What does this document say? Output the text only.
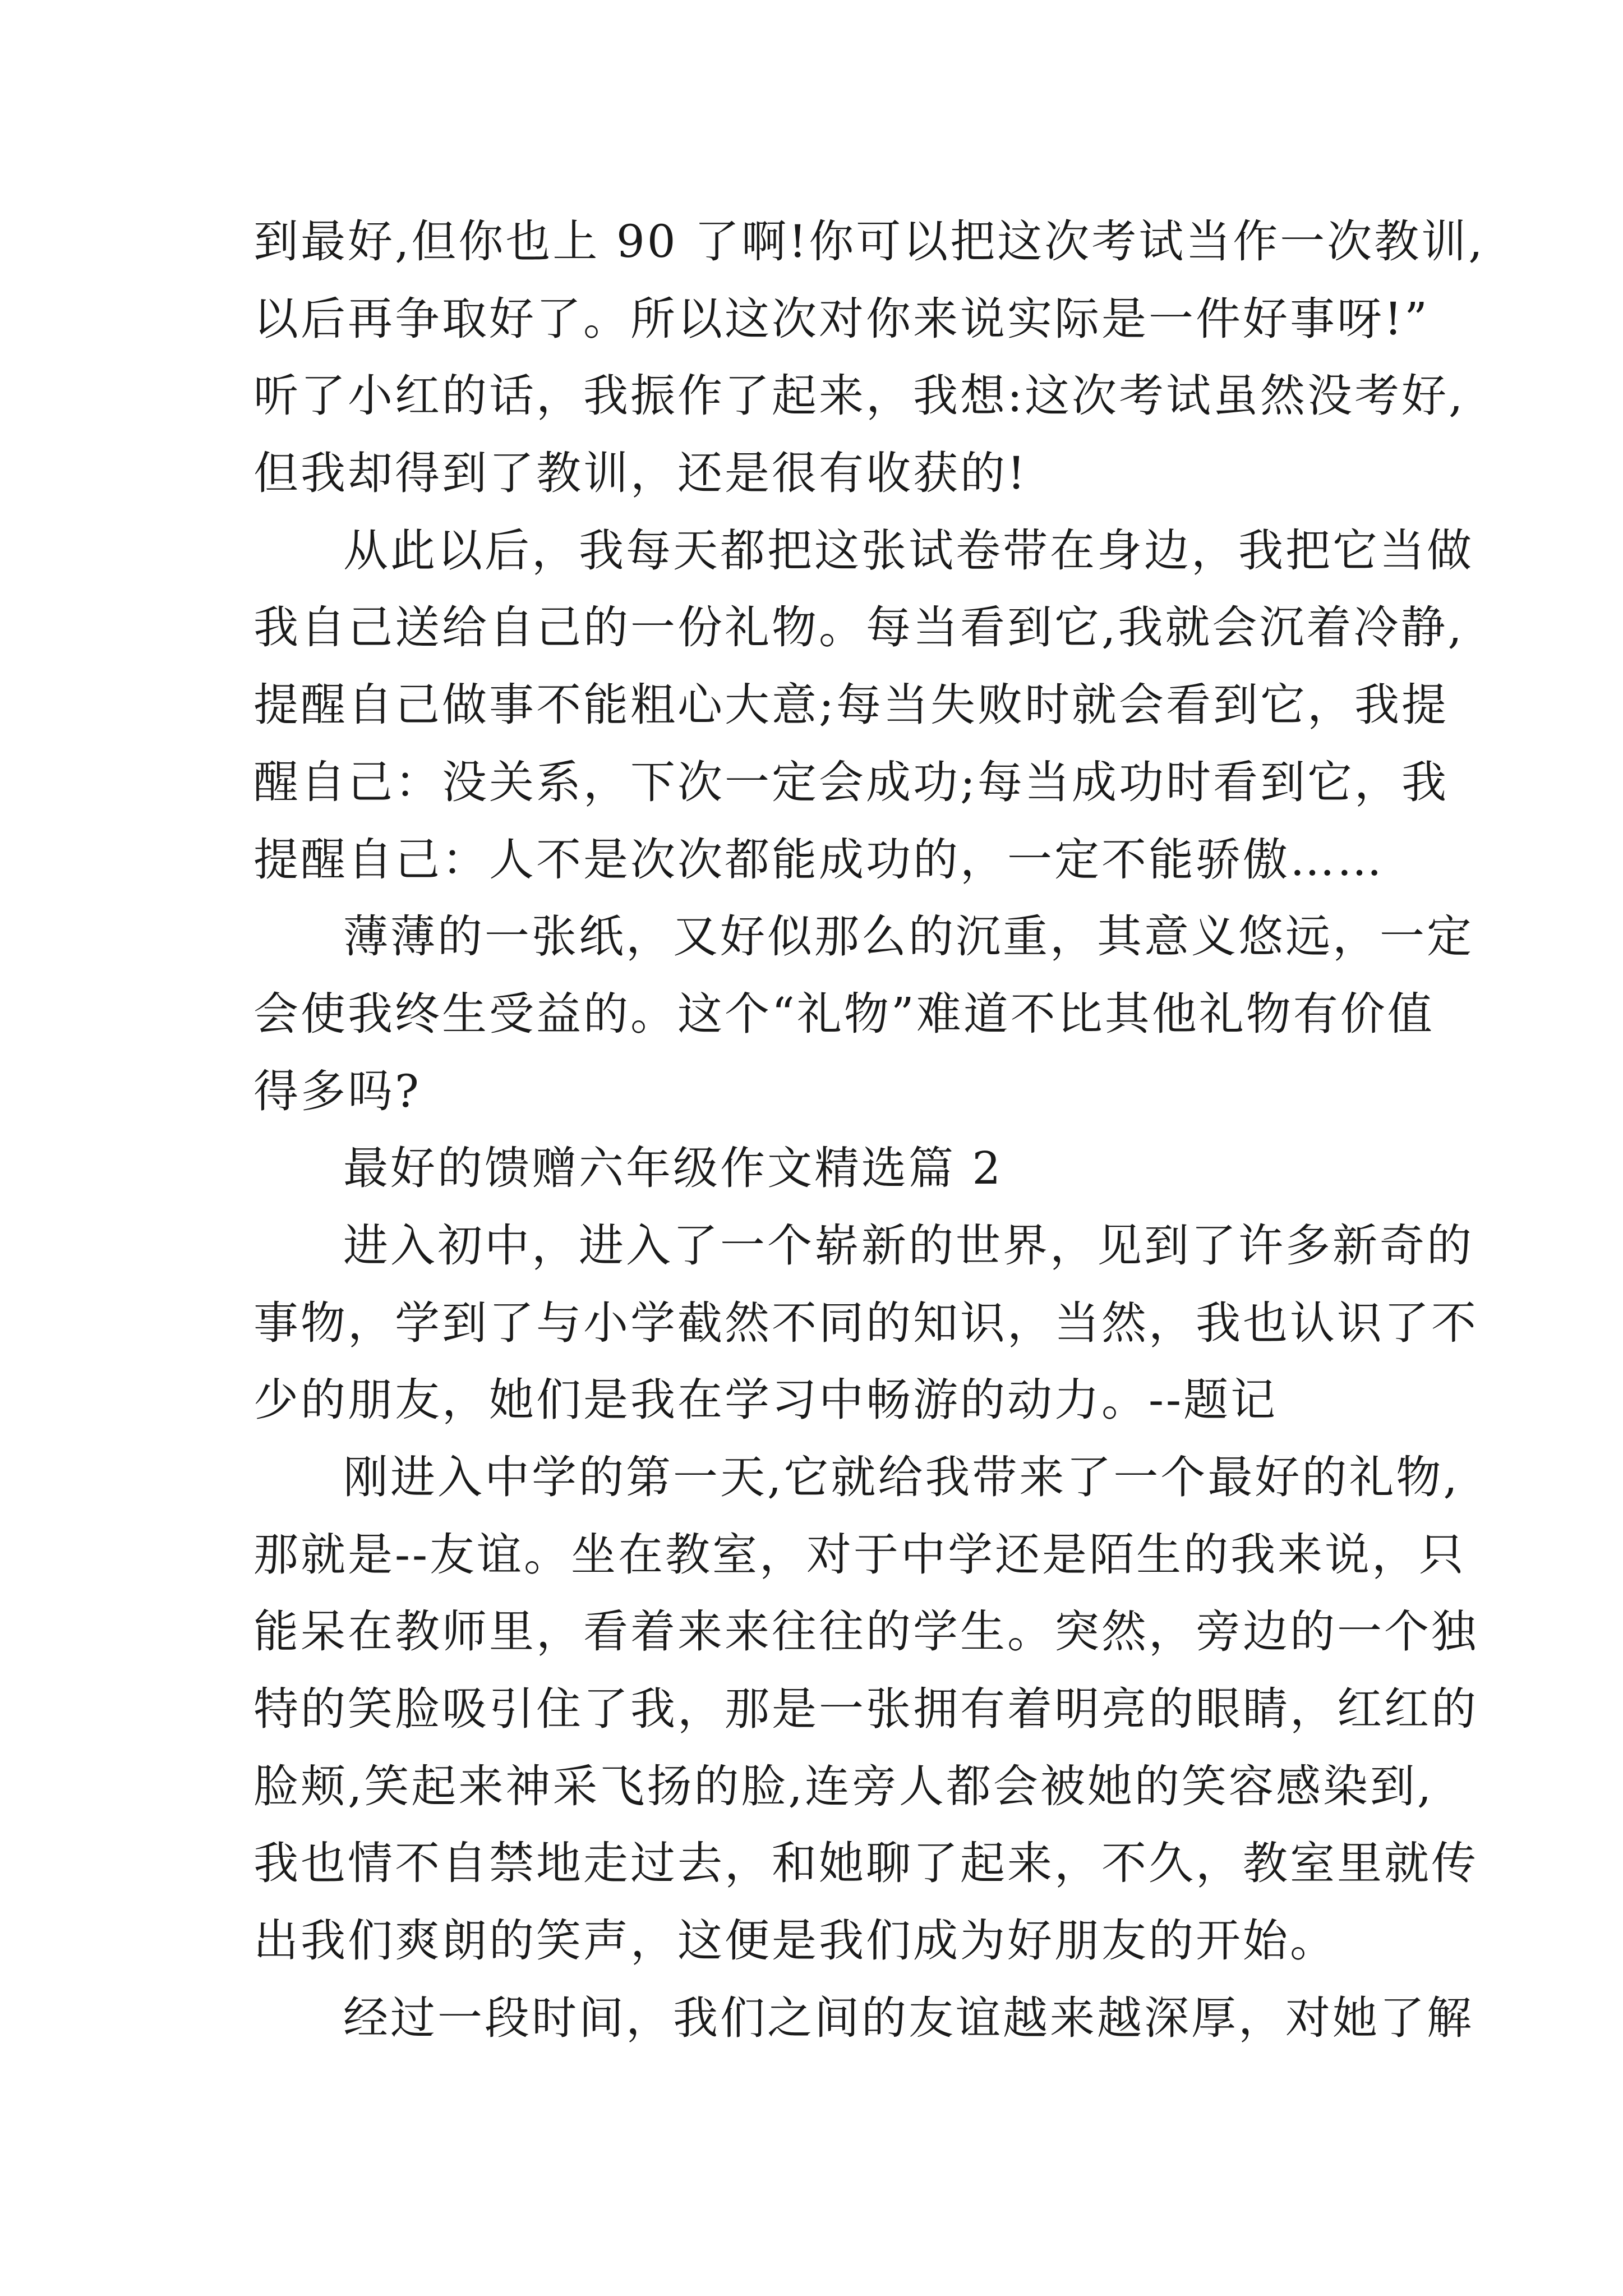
到最好,但你也上 90 了啊!你可以把这次考试当作一次教训,
以后再争取好了。所以这次对你来说实际是一件好事呀!”
听了小红的话，我振作了起来，我想:这次考试虽然没考好,
但我却得到了教训，还是很有收获的!
从此以后，我每天都把这张试卷带在身边，我把它当做
我自己送给自己的一份礼物。每当看到它,我就会沉着冷静,
提醒自己做事不能粗心大意;每当失败时就会看到它，我提
醒自己：没关系，下次一定会成功;每当成功时看到它，我
提醒自己：人不是次次都能成功的，一定不能骄傲……
薄薄的一张纸，又好似那么的沉重，其意义悠远，一定
会使我终生受益的。这个“礼物”难道不比其他礼物有价值
得多吗?
最好的馈赠六年级作文精选篇 2
进入初中，进入了一个崭新的世界，见到了许多新奇的
事物，学到了与小学截然不同的知识，当然，我也认识了不
少的朋友，她们是我在学习中畅游的动力。--题记
刚进入中学的第一天,它就给我带来了一个最好的礼物,
那就是--友谊。坐在教室，对于中学还是陌生的我来说，只
能呆在教师里，看着来来往往的学生。突然，旁边的一个独
特的笑脸吸引住了我，那是一张拥有着明亮的眼睛，红红的
脸颊,笑起来神采飞扬的脸,连旁人都会被她的笑容感染到,
我也情不自禁地走过去，和她聊了起来，不久，教室里就传
出我们爽朗的笑声，这便是我们成为好朋友的开始。
经过一段时间，我们之间的友谊越来越深厚，对她了解
